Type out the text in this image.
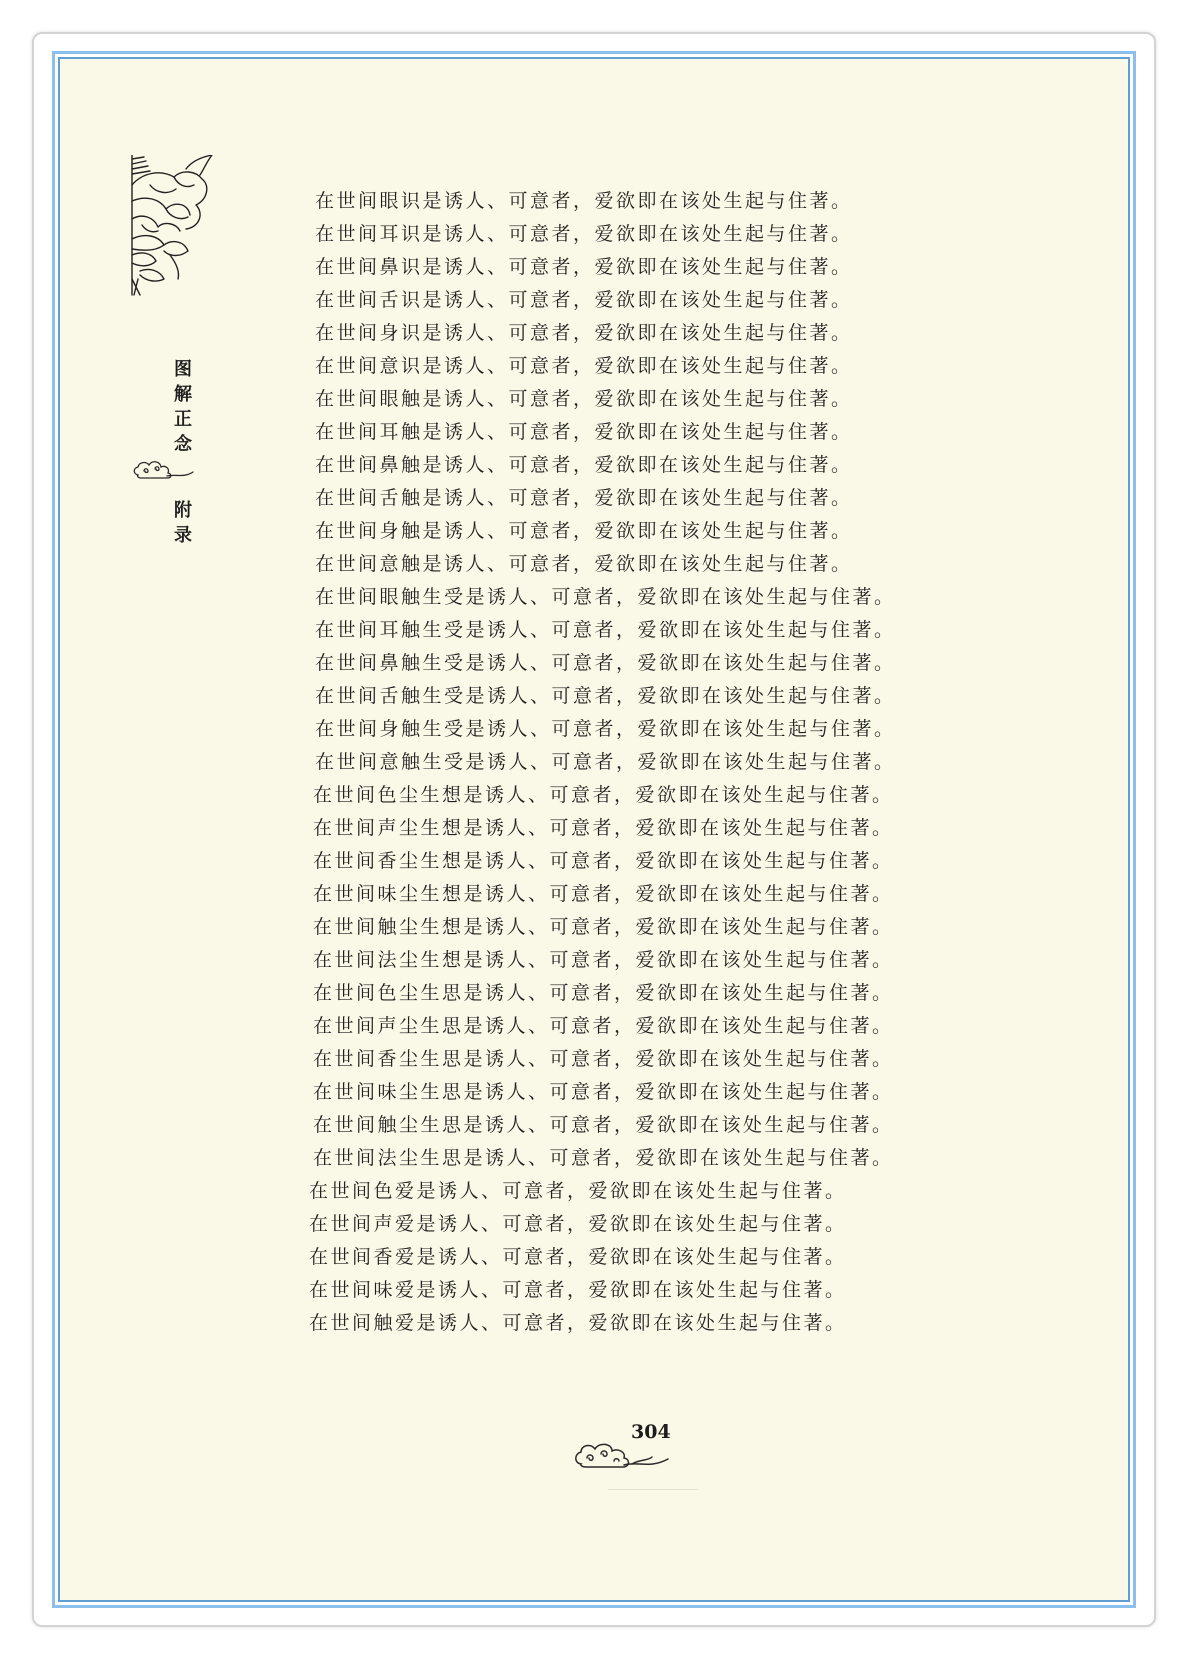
图解正念
附录
在世间眼识是诱人、可意者，爱欲即在该处生起与住著。
在世间耳识是诱人、可意者，爱欲即在该处生起与住著。
在世间鼻识是诱人、可意者，爱欲即在该处生起与住著。
在世间舌识是诱人、可意者，爱欲即在该处生起与住著。
在世间身识是诱人、可意者，爱欲即在该处生起与住著。
在世间意识是诱人、可意者，爱欲即在该处生起与住著。
在世间眼触是诱人、可意者，爱欲即在该处生起与住著。
在世间耳触是诱人、可意者，爱欲即在该处生起与住著。
在世间鼻触是诱人、可意者，爱欲即在该处生起与住著。
在世间舌触是诱人、可意者，爱欲即在该处生起与住著。
在世间身触是诱人、可意者，爱欲即在该处生起与住著。
在世间意触是诱人、可意者，爱欲即在该处生起与住著。
在世间眼触生受是诱人、可意者，爱欲即在该处生起与住著。
在世间耳触生受是诱人、可意者，爱欲即在该处生起与住著。
在世间鼻触生受是诱人、可意者，爱欲即在该处生起与住著。
在世间舌触生受是诱人、可意者，爱欲即在该处生起与住著。
在世间身触生受是诱人、可意者，爱欲即在该处生起与住著。
在世间意触生受是诱人、可意者，爱欲即在该处生起与住著。
在世间色尘生想是诱人、可意者，爱欲即在该处生起与住著。
在世间声尘生想是诱人、可意者，爱欲即在该处生起与住著。
在世间香尘生想是诱人、可意者，爱欲即在该处生起与住著。
在世间味尘生想是诱人、可意者，爱欲即在该处生起与住著。
在世间触尘生想是诱人、可意者，爱欲即在该处生起与住著。
在世间法尘生想是诱人、可意者，爱欲即在该处生起与住著。
在世间色尘生思是诱人、可意者，爱欲即在该处生起与住著。
在世间声尘生思是诱人、可意者，爱欲即在该处生起与住著。
在世间香尘生思是诱人、可意者，爱欲即在该处生起与住著。
在世间味尘生思是诱人、可意者，爱欲即在该处生起与住著。
在世间触尘生思是诱人、可意者，爱欲即在该处生起与住著。
在世间法尘生思是诱人、可意者，爱欲即在该处生起与住著。
在世间色爱是诱人、可意者，爱欲即在该处生起与住著。
在世间声爱是诱人、可意者，爱欲即在该处生起与住著。
在世间香爱是诱人、可意者，爱欲即在该处生起与住著。
在世间味爱是诱人、可意者，爱欲即在该处生起与住著。
在世间触爱是诱人、可意者，爱欲即在该处生起与住著。
304
